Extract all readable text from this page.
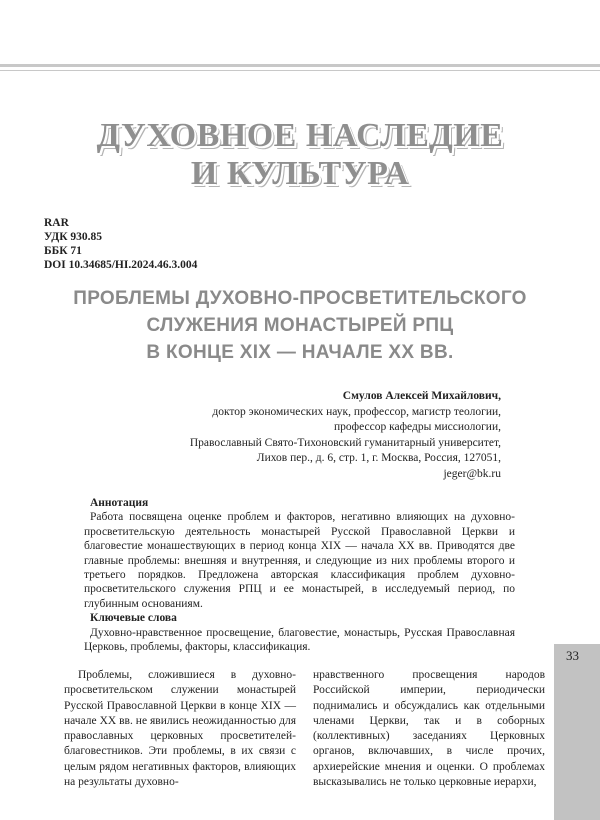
ДУХОВНОЕ НАСЛЕДИЕ
И КУЛЬТУРА
RAR
УДК 930.85
ББК 71
DOI 10.34685/HI.2024.46.3.004
ПРОБЛЕМЫ ДУХОВНО-ПРОСВЕТИТЕЛЬСКОГО
СЛУЖЕНИЯ МОНАСТЫРЕЙ РПЦ
В КОНЦЕ XIX — НАЧАЛЕ XX ВВ.
Смулов Алексей Михайлович,
доктор экономических наук, профессор, магистр теологии,
профессор кафедры миссиологии,
Православный Свято-Тихоновский гуманитарный университет,
Лихов пер., д. 6, стр. 1, г. Москва, Россия, 127051,
jeger@bk.ru
Аннотация

Работа посвящена оценке проблем и факторов, негативно влияющих на духовно-просветительскую деятельность монастырей Русской Православной Церкви и благовестие монашествующих в период конца XIX — начала XX вв. Приводятся две главные проблемы: внешняя и внутренняя, и следующие из них проблемы второго и третьего порядков. Предложена авторская классификация проблем духовно-просветительского служения РПЦ и ее монастырей, в исследуемый период, по глубинным основаниям.

Ключевые слова

Духовно-нравственное просвещение, благовестие, монастырь, Русская Православная Церковь, проблемы, факторы, классификация.

33

Проблемы, сложившиеся в духовно-просветительском служении монастырей Русской Православной Церкви в конце XIX — начале XX вв. не явились неожиданностью для православных церковных просветителей-благовестников. Эти проблемы, в их связи с целым рядом негативных факторов, влияющих на результаты духовно-

нравственного просвещения народов Российской империи, периодически поднимались и обсуждались как отдельными членами Церкви, так и в соборных (коллективных) заседаниях Церковных органов, включавших, в числе прочих, архиерейские мнения и оценки. О проблемах высказывались не только церковные иерархи,
